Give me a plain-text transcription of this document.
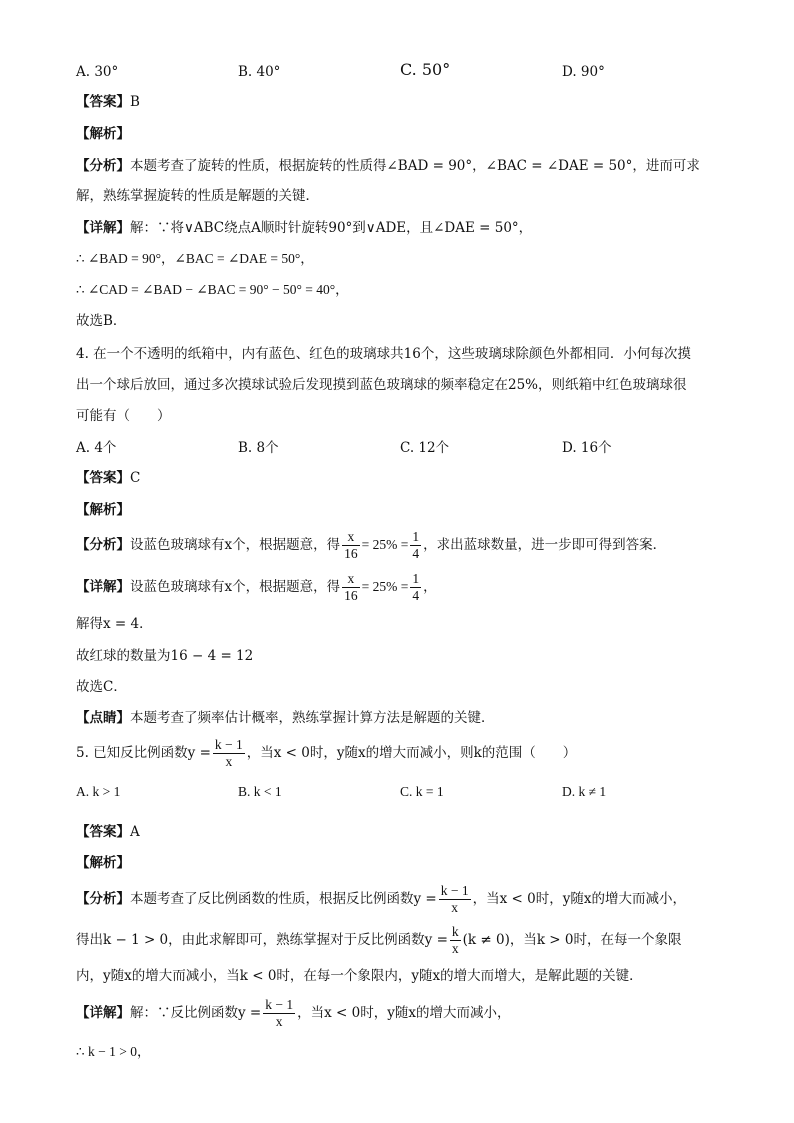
A. 30°	B. 40°	C. 50°	D. 90°
【答案】B
【解析】
【分析】本题考查了旋转的性质，根据旋转的性质得∠BAD = 90°，∠BAC = ∠DAE = 50°，进而可求
解，熟练掌握旋转的性质是解题的关键．
【详解】解：∵将∨ABC绕点A顺时针旋转90°到∨ADE，且∠DAE = 50°，
∴ ∠BAD = 90°，∠BAC = ∠DAE = 50°，
∴ ∠CAD = ∠BAD − ∠BAC = 90° − 50° = 40°，
故选B．
4. 在一个不透明的纸箱中，内有蓝色、红色的玻璃球共16个，这些玻璃球除颜色外都相同．小何每次摸
出一个球后放回，通过多次摸球试验后发现摸到蓝色玻璃球的频率稳定在25%，则纸箱中红色玻璃球很
可能有（　　）
A. 4个	B. 8个	C. 12个	D. 16个
【答案】C
【解析】
【分析】设蓝色玻璃球有x个，根据题意，得 $\frac{x}{16} = 25\% = \frac{1}{4}$ ，求出蓝球数量，进一步即可得到答案．
【详解】设蓝色玻璃球有x个，根据题意，得 $\frac{x}{16} = 25\% = \frac{1}{4}$ ，
解得x = 4．
故红球的数量为16 − 4 = 12
故选C．
【点睛】本题考查了频率估计概率，熟练掌握计算方法是解题的关键．
5. 已知反比例函数$y = \frac{k - 1}{x}$ ，当x < 0时，y随x的增大而减小，则k的范围（　　）
A. k > 1	B. k < 1	C. k = 1	D. k ≠ 1
【答案】A
【解析】
【分析】本题考查了反比例函数的性质，根据反比例函数$y = \frac{k - 1}{x}$ ，当x < 0时，y随x的增大而减小，
得出k − 1 > 0，由此求解即可，熟练掌握对于反比例函数$y = \frac{k}{x} (k \ne 0)$，当k > 0时，在每一个象限
内，y随x的增大而减小，当k < 0时，在每一个象限内，y随x的增大而增大，是解此题的关键．
【详解】解：∵反比例函数$y = \frac{k - 1}{x}$ ，当x < 0时，y随x的增大而减小，
∴ k − 1 > 0，
